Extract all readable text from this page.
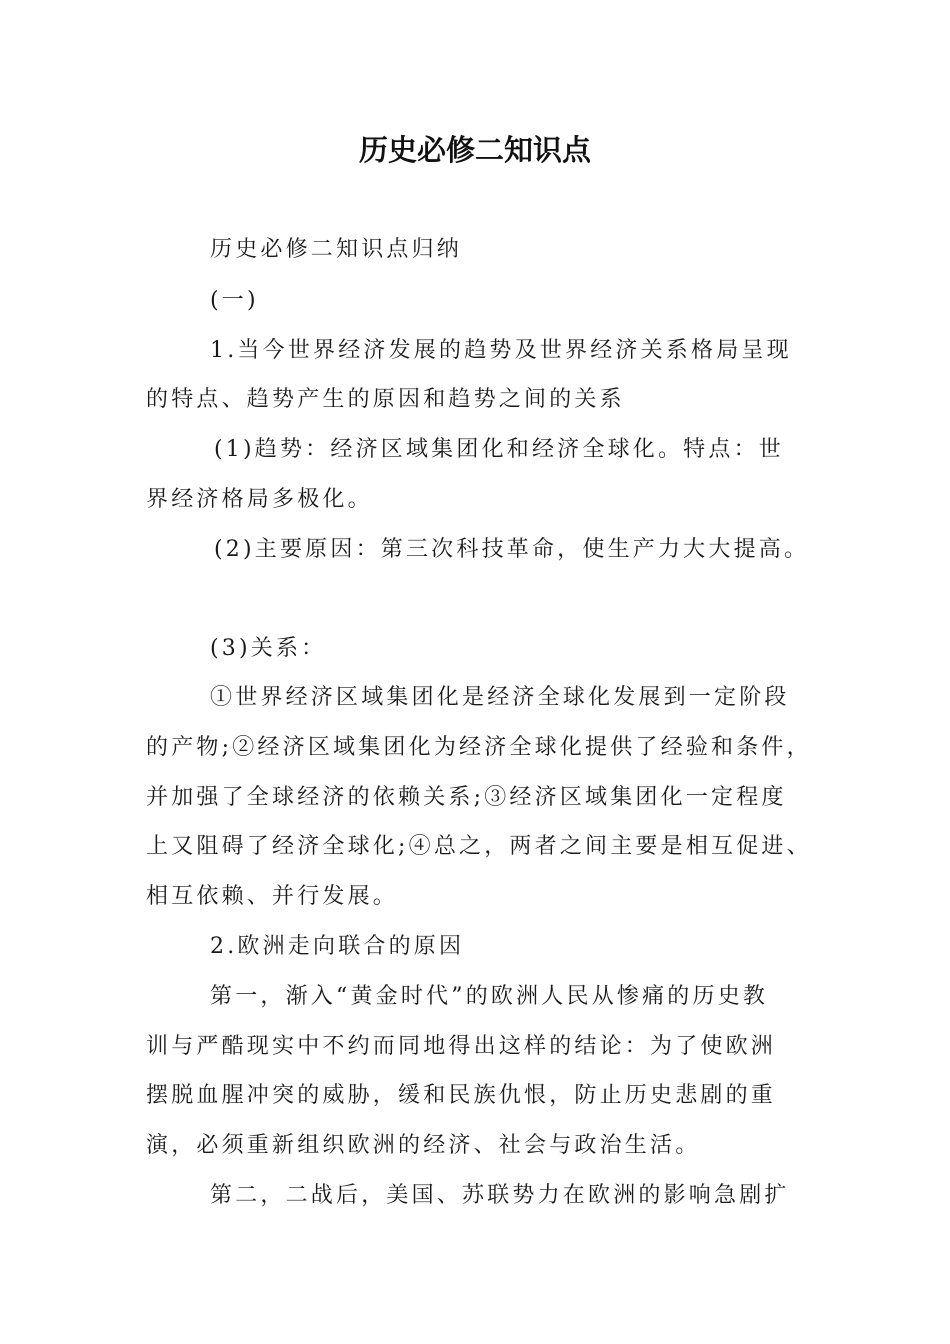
历史必修二知识点
历史必修二知识点归纳
(一)
1.当今世界经济发展的趋势及世界经济关系格局呈现
的特点、趋势产生的原因和趋势之间的关系
(1)趋势：经济区域集团化和经济全球化。特点：世
界经济格局多极化。
(2)主要原因：第三次科技革命，使生产力大大提高。
(3)关系：
①世界经济区域集团化是经济全球化发展到一定阶段
的产物;②经济区域集团化为经济全球化提供了经验和条件，
并加强了全球经济的依赖关系;③经济区域集团化一定程度
上又阻碍了经济全球化;④总之，两者之间主要是相互促进、
相互依赖、并行发展。
2.欧洲走向联合的原因
第一，渐入“黄金时代”的欧洲人民从惨痛的历史教
训与严酷现实中不约而同地得出这样的结论：为了使欧洲
摆脱血腥冲突的威胁，缓和民族仇恨，防止历史悲剧的重
演，必须重新组织欧洲的经济、社会与政治生活。
第二，二战后，美国、苏联势力在欧洲的影响急剧扩
